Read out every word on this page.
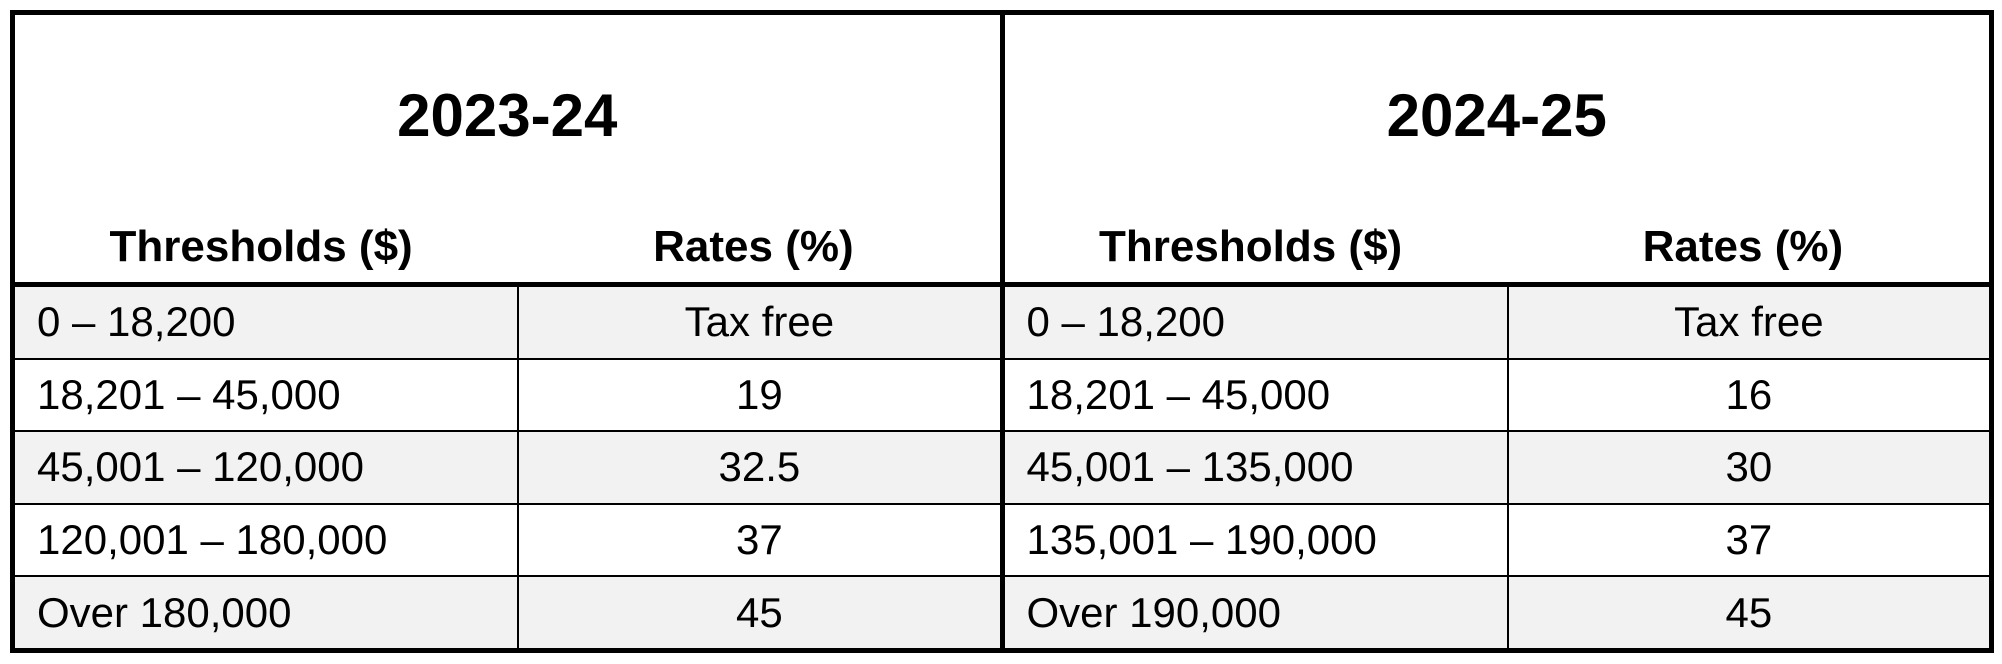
2023-24
Thresholds ($)	Rates (%)
0 – 18,200	Tax free
18,201 – 45,000	19
45,001 – 120,000	32.5
120,001 – 180,000	37
Over 180,000	45
2024-25
Thresholds ($)	Rates (%)
0 – 18,200	Tax free
18,201 – 45,000	16
45,001 – 135,000	30
135,001 – 190,000	37
Over 190,000	45
